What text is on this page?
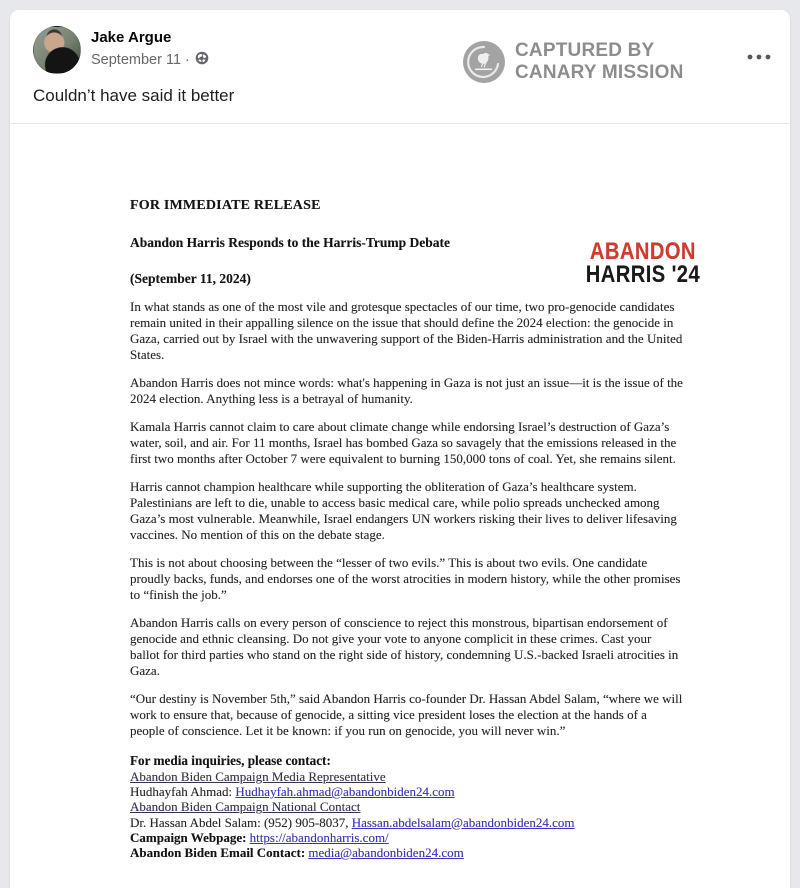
Jake Argue
September 11 ·	CAPTURED BY
CANARY MISSION
Couldn’t have said it better
FOR IMMEDIATE RELEASE
Abandon Harris Responds to the Harris-Trump Debate	ABANDON
HARRIS '24
(September 11, 2024)

In what stands as one of the most vile and grotesque spectacles of our time, two pro-genocide candidates remain united in their appalling silence on the issue that should define the 2024 election: the genocide in Gaza, carried out by Israel with the unwavering support of the Biden-Harris administration and the United States.

Abandon Harris does not mince words: what's happening in Gaza is not just an issue—it is the issue of the 2024 election. Anything less is a betrayal of humanity.

Kamala Harris cannot claim to care about climate change while endorsing Israel’s destruction of Gaza’s water, soil, and air. For 11 months, Israel has bombed Gaza so savagely that the emissions released in the first two months after October 7 were equivalent to burning 150,000 tons of coal. Yet, she remains silent.

Harris cannot champion healthcare while supporting the obliteration of Gaza’s healthcare system. Palestinians are left to die, unable to access basic medical care, while polio spreads unchecked among Gaza’s most vulnerable. Meanwhile, Israel endangers UN workers risking their lives to deliver lifesaving vaccines. No mention of this on the debate stage.

This is not about choosing between the “lesser of two evils.” This is about two evils. One candidate proudly backs, funds, and endorses one of the worst atrocities in modern history, while the other promises to “finish the job.”

Abandon Harris calls on every person of conscience to reject this monstrous, bipartisan endorsement of genocide and ethnic cleansing. Do not give your vote to anyone complicit in these crimes. Cast your ballot for third parties who stand on the right side of history, condemning U.S.-backed Israeli atrocities in Gaza.

“Our destiny is November 5th,” said Abandon Harris co-founder Dr. Hassan Abdel Salam, “where we will work to ensure that, because of genocide, a sitting vice president loses the election at the hands of a people of conscience. Let it be known: if you run on genocide, you will never win.”

For media inquiries, please contact:
Abandon Biden Campaign Media Representative
Hudhayfah Ahmad: Hudhayfah.ahmad@abandonbiden24.com
Abandon Biden Campaign National Contact
Dr. Hassan Abdel Salam: (952) 905-8037, Hassan.abdelsalam@abandonbiden24.com
Campaign Webpage: https://abandonharris.com/
Abandon Biden Email Contact: media@abandonbiden24.com
